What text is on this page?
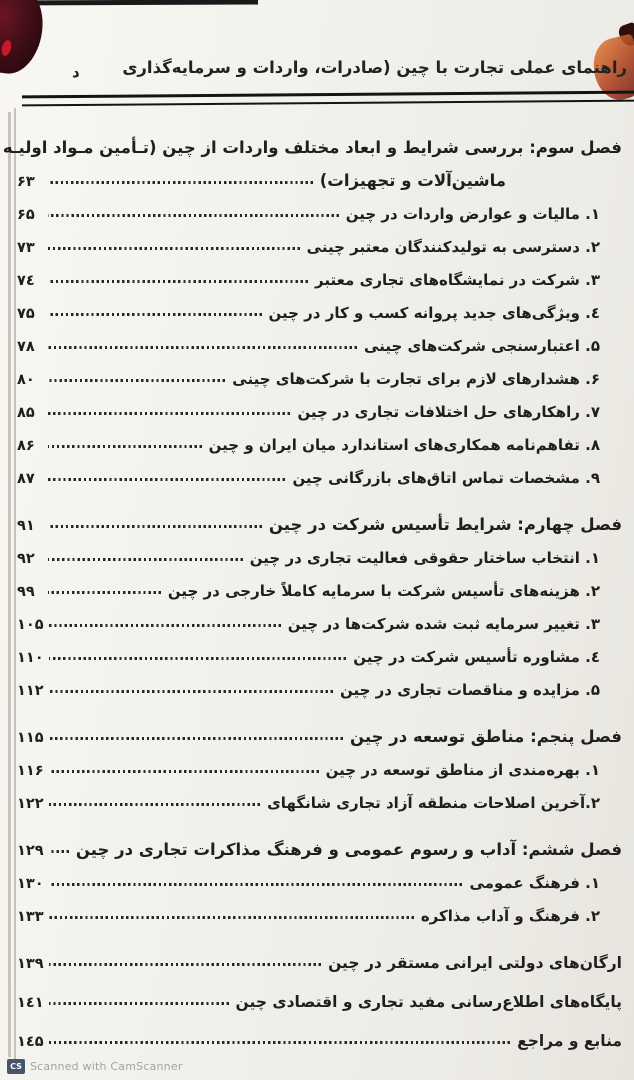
راهنمای عملی تجارت با چین (صادرات، واردات و سرمایه‌گذاری
د
فصل سوم: بررسی شرایط و ابعاد مختلف واردات از چین (تـأمین مـواد اولیـه
ماشین‌آلات و تجهیزات)
۶۳
۱. مالیات و عوارض واردات در چین
۶۵
۲. دسترسی به تولیدکنندگان معتبر چینی
۷۳
۳. شرکت در نمایشگاه‌های تجاری معتبر
٧٤
٤. ویژگی‌های جدید پروانه کسب و کار در چین
۷۵
۵. اعتبارسنجی شرکت‌های چینی
۷۸
۶. هشدارهای لازم برای تجارت با شرکت‌های چینی
۸۰
۷. راهکارهای حل اختلافات تجاری در چین
۸۵
۸. تفاهم‌نامه همکاری‌های استاندارد میان ایران و چین
۸۶
۹. مشخصات تماس اتاق‌های بازرگانی چین
۸۷
فصل چهارم: شرایط تأسیس شرکت در چین
۹۱
۱. انتخاب ساختار حقوقی فعالیت تجاری در چین
۹۲
۲. هزینه‌های تأسیس شرکت با سرمایه کاملاً خارجی در چین
۹۹
۳. تغییر سرمایه ثبت شده شرکت‌ها در چین
۱۰۵
٤. مشاوره تأسیس شرکت در چین
۱۱۰
۵. مزایده و مناقصات تجاری در چین
۱۱۲
فصل پنجم: مناطق توسعه در چین
۱۱۵
۱. بهره‌مندی از مناطق توسعه در چین
۱۱۶
۲.آخرین اصلاحات منطقه آزاد تجاری شانگهای
۱۲۲
فصل ششم: آداب و رسوم عمومی و فرهنگ مذاکرات تجاری در چین
۱۲۹
۱. فرهنگ عمومی
۱۳۰
۲. فرهنگ و آداب مذاکره
۱۳۳
ارگان‌های دولتی ایرانی مستقر در چین
۱۳۹
پایگاه‌های اطلاع‌رسانی مفید تجاری و اقتصادی چین
۱٤۱
منابع و مراجع
۱٤۵
CS Scanned with CamScanner
